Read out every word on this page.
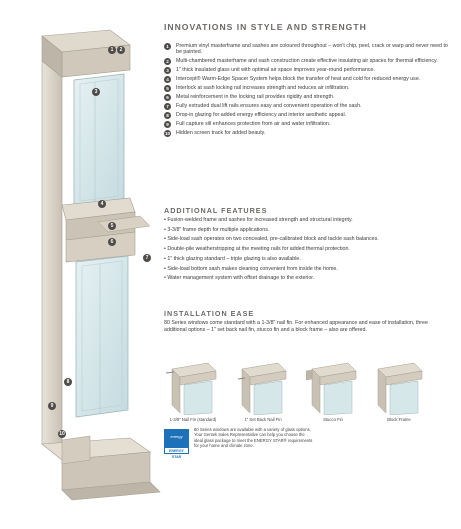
1	2
3
4
5
6
7
8
9
10
INNOVATIONS IN STYLE AND STRENGTH
1	Premium vinyl masterframe and sashes are coloured throughout – won't chip, peel, crack or warp and never need to be painted.
2	Multi-chambered masterframe and sash construction create effective insulating air spaces for thermal efficiency.
3	1" thick insulated glass unit with optimal air space improves year-round performance.
4	Intercept® Warm-Edge Spacer System helps block the transfer of heat and cold for reduced energy use.
5	Interlock at sash locking rail increases strength and reduces air infiltration.
6	Metal reinforcement in the locking rail provides rigidity and strength.
7	Fully extruded dual lift rails ensures easy and convenient operation of the sash.
8	Drop-in glazing for added energy efficiency and interior aesthetic appeal.
9	Full capture sill enhances protection from air and water infiltration.
10 Hidden screen track for added beauty.
ADDITIONAL FEATURES
• Fusion-welded frame and sashes for increased strength and structural integrity.
• 3-3/8" frame depth for multiple applications.
• Side-load sash operates on two concealed, pre-calibrated block and tackle sash balances.
• Double-pile weatherstripping at the meeting rails for added thermal protection.
• 1" thick glazing standard – triple glazing is also available.
• Side-load bottom sash makes cleaning convenient from inside the home.
• Water management system with offset drainage to the exterior.
INSTALLATION EASE

80 Series windows come standard with a 1-3/8" nail fin. For enhanced appearance and ease of installation, three additional options – 1" set back nail fin, stucco fin and a block frame – also are offered.

1-3/8" Nail Fin (standard)	1" Set Back Nail Fin	Stucco Fin	Block Frame
energy
ENERGY STAR

80 Series windows are available with a variety of glass options. Your Gentek Sales Representative can help you choose the ideal glass package to meet the ENERGY STAR® requirements for your home and climate zone.
